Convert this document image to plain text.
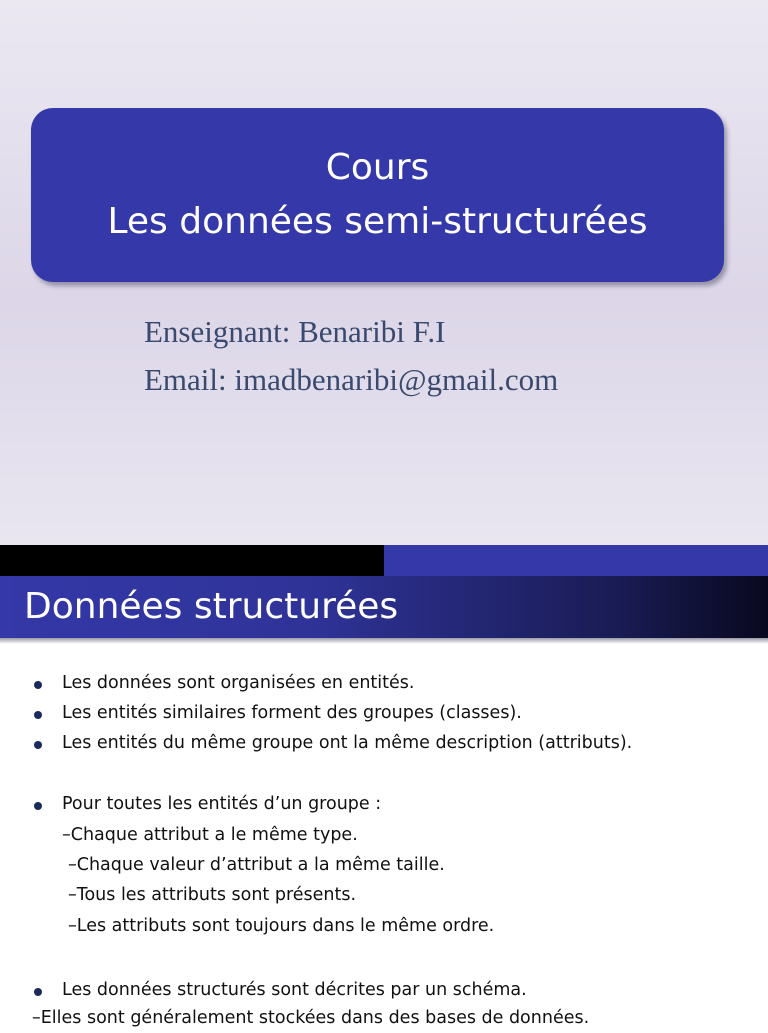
Cours
Les données semi-structurées
Enseignant: Benaribi F.I
Email: imadbenaribi@gmail.com
Données structurées
Les données sont organisées en entités.
Les entités similaires forment des groupes (classes).
Les entités du même groupe ont la même description (attributs).
Pour toutes les entités d’un groupe :
–Chaque attribut a le même type.
–Chaque valeur d’attribut a la même taille.
–Tous les attributs sont présents.
–Les attributs sont toujours dans le même ordre.
Les données structurés sont décrites par un schéma.
–Elles sont généralement stockées dans des bases de données.
